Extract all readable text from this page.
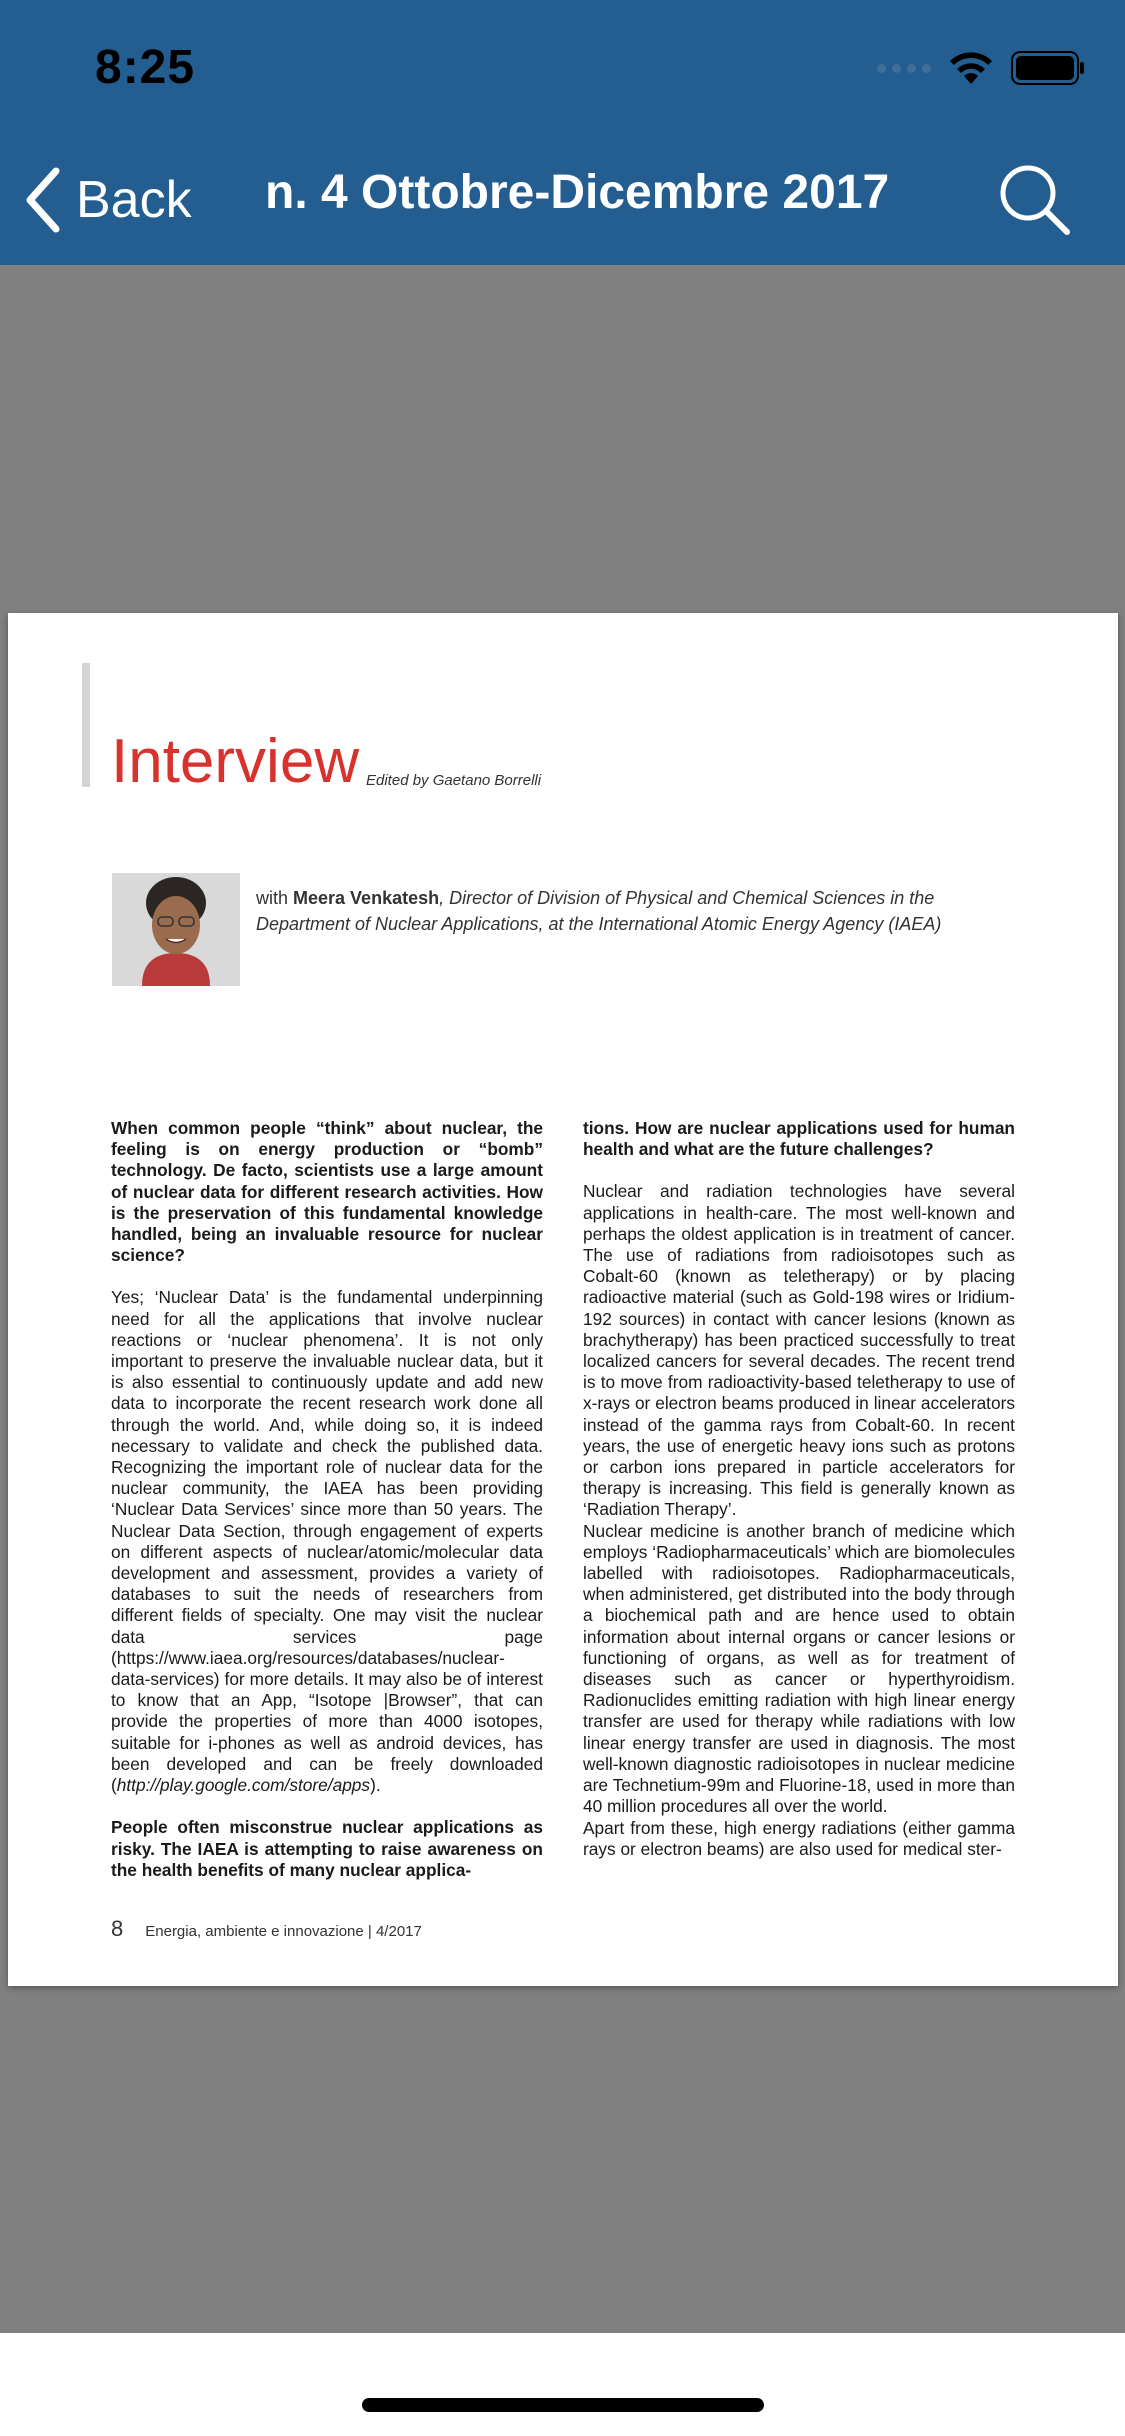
8:25
Back n. 4 Ottobre-Dicembre 2017
Interview Edited by Gaetano Borrelli
with Meera Venkatesh, Director of Division of Physical and Chemical Sciences in the Department of Nuclear Applications, at the International Atomic Energy Agency (IAEA)

When common people “think” about nuclear, the feeling is on energy production or “bomb” technology. De facto, scientists use a large amount of nuclear data for different research activities. How is the preservation of this fundamental knowledge handled, being an invaluable resource for nuclear science?

Yes; ‘Nuclear Data’ is the fundamental underpinning need for all the applications that involve nuclear reactions or ‘nuclear phenomena’. It is not only important to preserve the invaluable nuclear data, but it is also essential to continuously update and add new data to incorporate the recent research work done all through the world. And, while doing so, it is indeed necessary to validate and check the published data. Recognizing the important role of nuclear data for the nuclear community, the IAEA has been providing ‘Nuclear Data Services’ since more than 50 years. The Nuclear Data Section, through engagement of experts on different aspects of nuclear/atomic/molecular data development and assessment, provides a variety of databases to suit the needs of researchers from different fields of specialty. One may visit the nuclear data services page (https://www.iaea.org/resources/databases/nuclear-data-services) for more details. It may also be of interest to know that an App, “Isotope |Browser”, that can provide the properties of more than 4000 isotopes, suitable for i-phones as well as android devices, has been developed and can be freely downloaded (http://play.google.com/store/apps).

People often misconstrue nuclear applications as risky. The IAEA is attempting to raise awareness on the health benefits of many nuclear applica-

tions. How are nuclear applications used for human health and what are the future challenges?

Nuclear and radiation technologies have several applications in health-care. The most well-known and perhaps the oldest application is in treatment of cancer. The use of radiations from radioisotopes such as Cobalt-60 (known as teletherapy) or by placing radioactive material (such as Gold-198 wires or Iridium-192 sources) in contact with cancer lesions (known as brachytherapy) has been practiced successfully to treat localized cancers for several decades. The recent trend is to move from radioactivity-based teletherapy to use of x-rays or electron beams produced in linear accelerators instead of the gamma rays from Cobalt-60. In recent years, the use of energetic heavy ions such as protons or carbon ions prepared in particle accelerators for therapy is increasing. This field is generally known as ‘Radiation Therapy’.

Nuclear medicine is another branch of medicine which employs ‘Radiopharmaceuticals’ which are biomolecules labelled with radioisotopes. Radiopharmaceuticals, when administered, get distributed into the body through a biochemical path and are hence used to obtain information about internal organs or cancer lesions or functioning of organs, as well as for treatment of diseases such as cancer or hyperthyroidism. Radionuclides emitting radiation with high linear energy transfer are used for therapy while radiations with low linear energy transfer are used in diagnosis. The most well-known diagnostic radioisotopes in nuclear medicine are Technetium-99m and Fluorine-18, used in more than 40 million procedures all over the world.

Apart from these, high energy radiations (either gamma rays or electron beams) are also used for medical ster-

8 Energia, ambiente e innovazione | 4/2017
